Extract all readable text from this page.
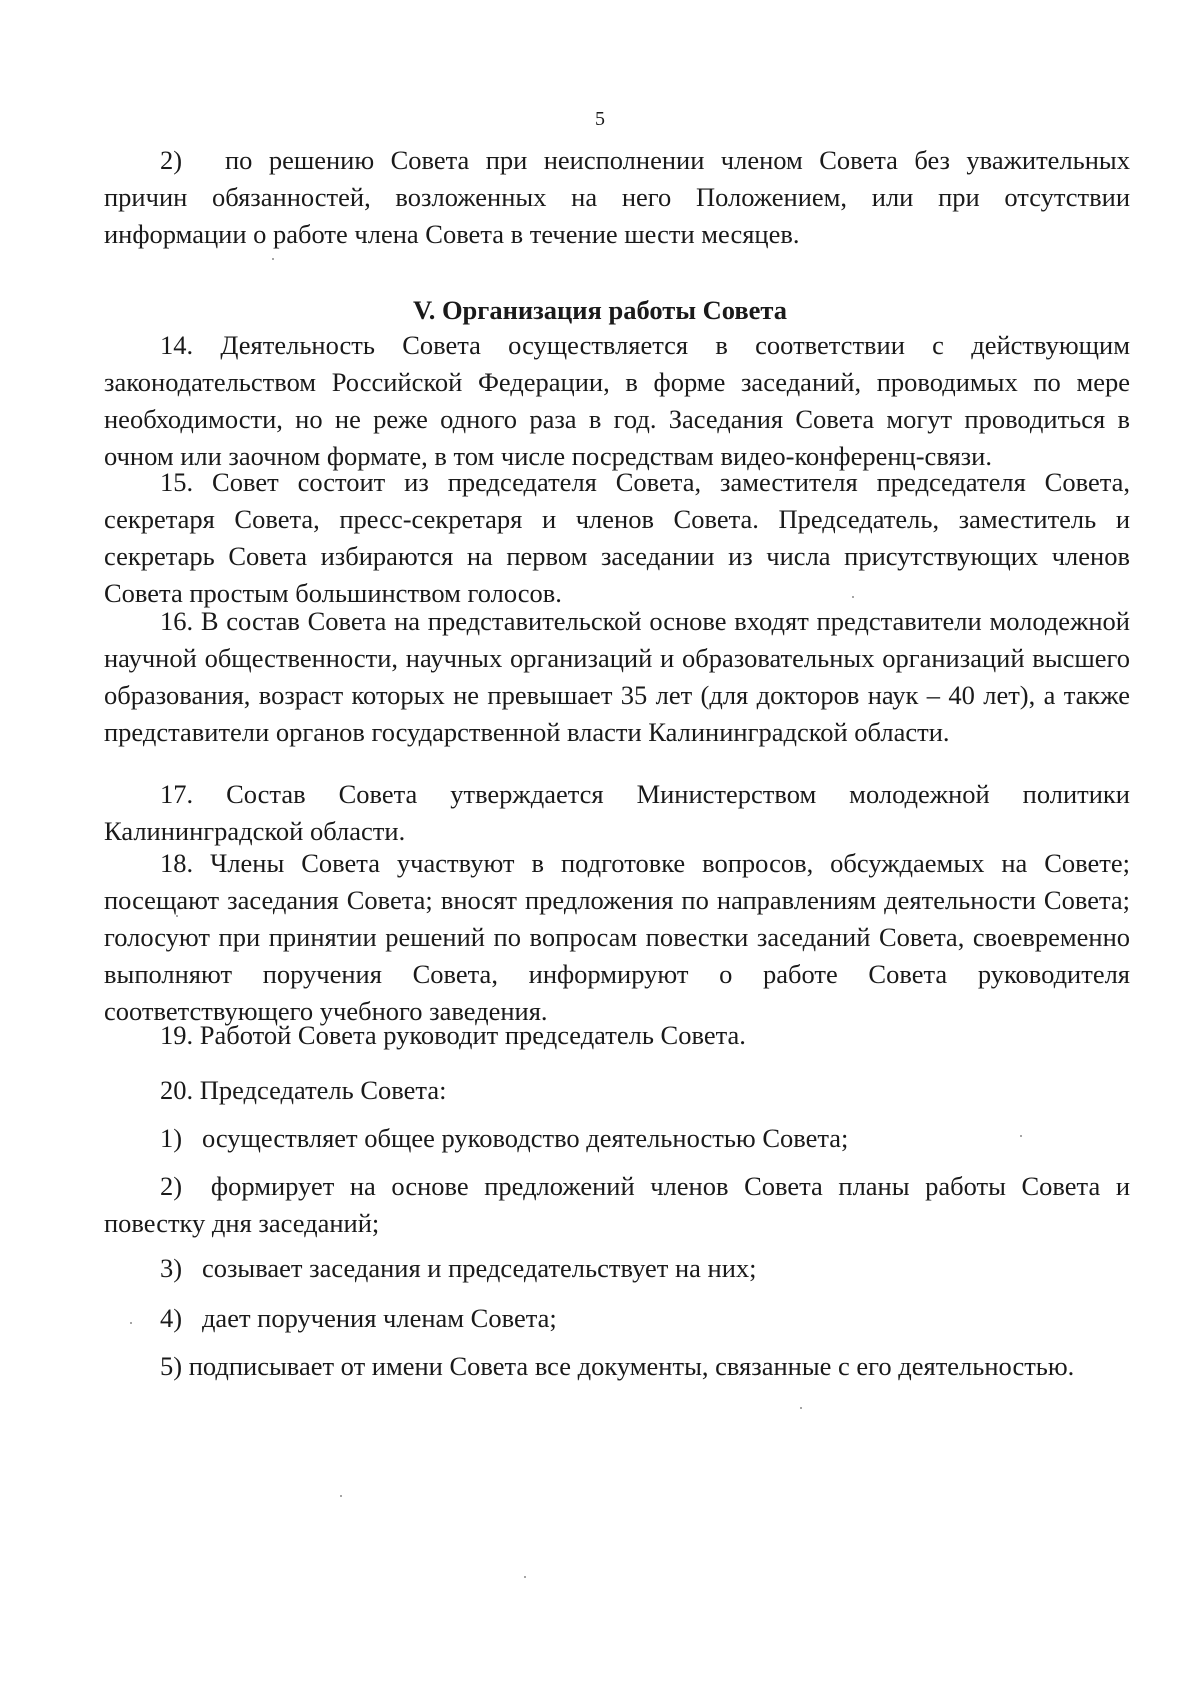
5
2)  по решению Совета при неисполнении членом Совета без уважительных причин обязанностей, возложенных на него Положением, или при отсутствии информации о работе члена Совета в течение шести месяцев.
V. Организация работы Совета
14. Деятельность Совета осуществляется в соответствии с действующим законодательством Российской Федерации, в форме заседаний, проводимых по мере необходимости, но не реже одного раза в год. Заседания Совета могут проводиться в очном или заочном формате, в том числе посредствам видео-конференц-связи.
15. Совет состоит из председателя Совета, заместителя председателя Совета, секретаря Совета, пресс-секретаря и членов Совета. Председатель, заместитель и секретарь Совета избираются на первом заседании из числа присутствующих членов Совета простым большинством голосов.
16. В состав Совета на представительской основе входят представители молодежной научной общественности, научных организаций и образовательных организаций высшего образования, возраст которых не превышает 35 лет (для докторов наук – 40 лет), а также представители органов государственной власти Калининградской области.
17. Состав Совета утверждается Министерством молодежной политики Калининградской области.
18. Члены Совета участвуют в подготовке вопросов, обсуждаемых на Совете; посещают заседания Совета; вносят предложения по направлениям деятельности Совета; голосуют при принятии решений по вопросам повестки заседаний Совета, своевременно выполняют поручения Совета, информируют о работе Совета руководителя соответствующего учебного заведения.
19. Работой Совета руководит председатель Совета.
20. Председатель Совета:
1)  осуществляет общее руководство деятельностью Совета;
2)  формирует на основе предложений членов Совета планы работы Совета и повестку дня заседаний;
3)  созывает заседания и председательствует на них;
4)  дает поручения членам Совета;
5) подписывает от имени Совета все документы, связанные с его деятельностью.
